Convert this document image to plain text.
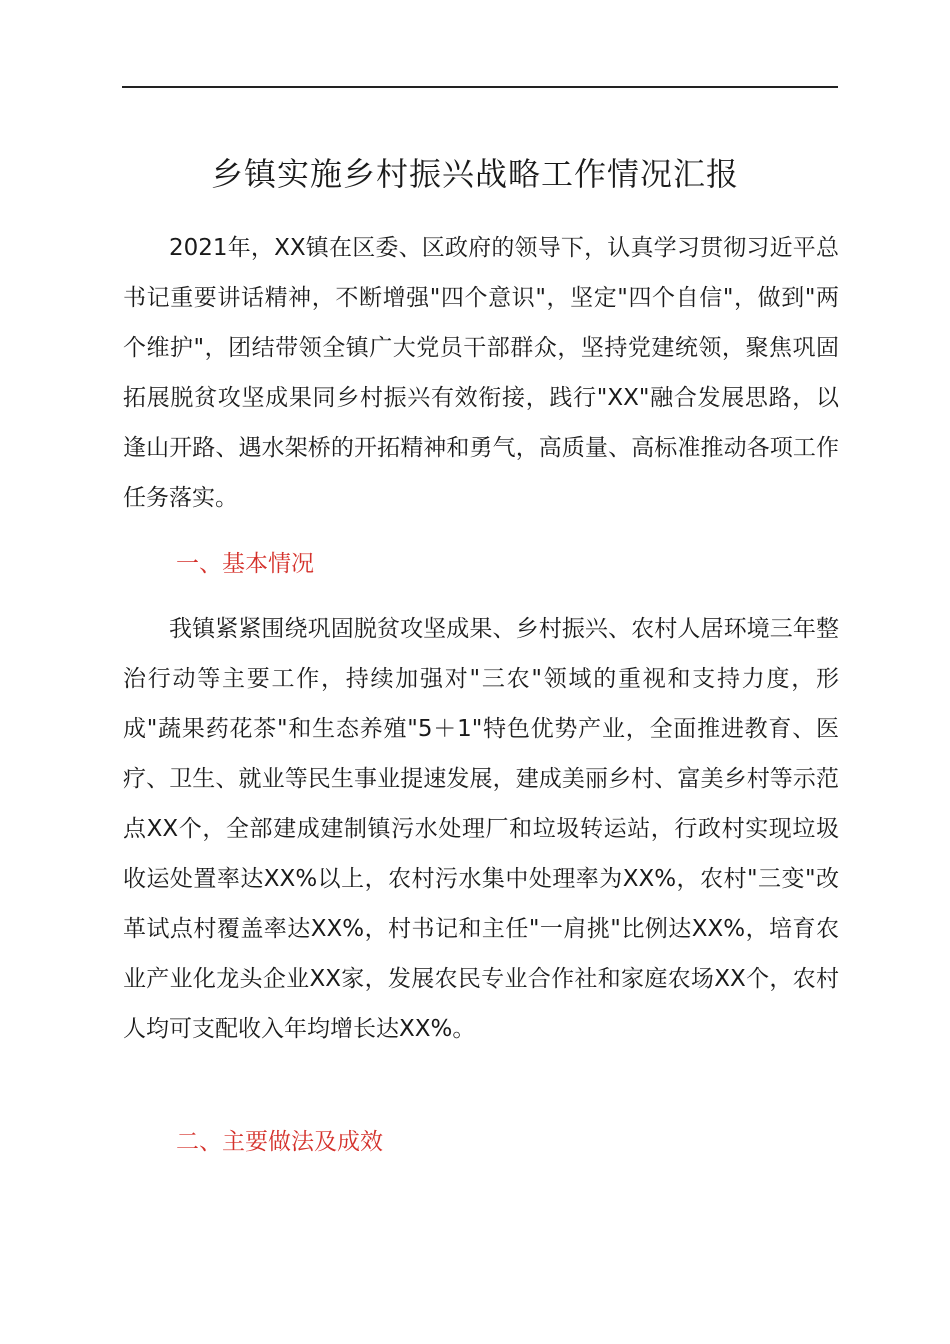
乡镇实施乡村振兴战略工作情况汇报

2021年，XX镇在区委、区政府的领导下，认真学习贯彻习近平总书记重要讲话精神，不断增强"四个意识"，坚定"四个自信"，做到"两个维护"，团结带领全镇广大党员干部群众，坚持党建统领，聚焦巩固拓展脱贫攻坚成果同乡村振兴有效衔接，践行"XX"融合发展思路，以逢山开路、遇水架桥的开拓精神和勇气，高质量、高标准推动各项工作任务落实。

一、基本情况

我镇紧紧围绕巩固脱贫攻坚成果、乡村振兴、农村人居环境三年整治行动等主要工作，持续加强对"三农"领域的重视和支持力度，形成"蔬果药花茶"和生态养殖"5＋1"特色优势产业，全面推进教育、医疗、卫生、就业等民生事业提速发展，建成美丽乡村、富美乡村等示范点XX个，全部建成建制镇污水处理厂和垃圾转运站，行政村实现垃圾收运处置率达XX%以上，农村污水集中处理率为XX%，农村"三变"改革试点村覆盖率达XX%，村书记和主任"一肩挑"比例达XX%，培育农业产业化龙头企业XX家，发展农民专业合作社和家庭农场XX个，农村人均可支配收入年均增长达XX%。

二、主要做法及成效
